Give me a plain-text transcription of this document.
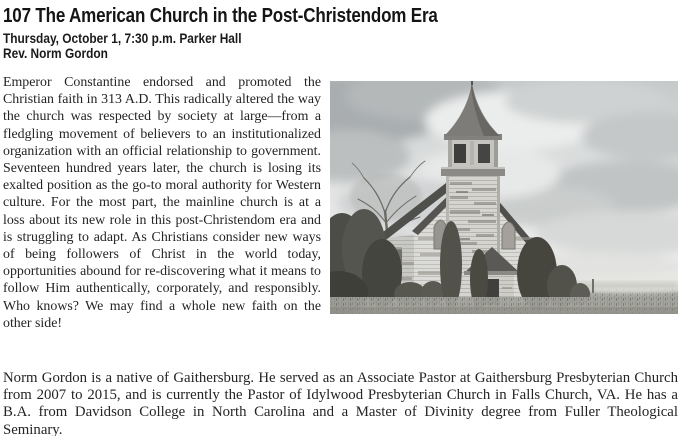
107 The American Church in the Post-Christendom Era
Thursday, October 1, 7:30 p.m. Parker Hall
Rev. Norm Gordon

Emperor Constantine endorsed and promoted the Christian faith in 313 A.D. This radically altered the way the church was respected by society at large—from a fledgling movement of believers to an institutionalized organization with an official relationship to government. Seventeen hundred years later, the church is losing its exalted position as the go-to moral authority for Western culture. For the most part, the mainline church is at a loss about its new role in this post-Christendom era and is struggling to adapt. As Christians consider new ways of being followers of Christ in the world today, opportunities abound for re-discovering what it means to follow Him authentically, corporately, and responsibly. Who knows? We may find a whole new faith on the other side!

Norm Gordon is a native of Gaithersburg. He served as an Associate Pastor at Gaithersburg Presbyterian Church from 2007 to 2015, and is currently the Pastor of Idylwood Presbyterian Church in Falls Church, VA. He has a B.A. from Davidson College in North Carolina and a Master of Divinity degree from Fuller Theological Seminary.
